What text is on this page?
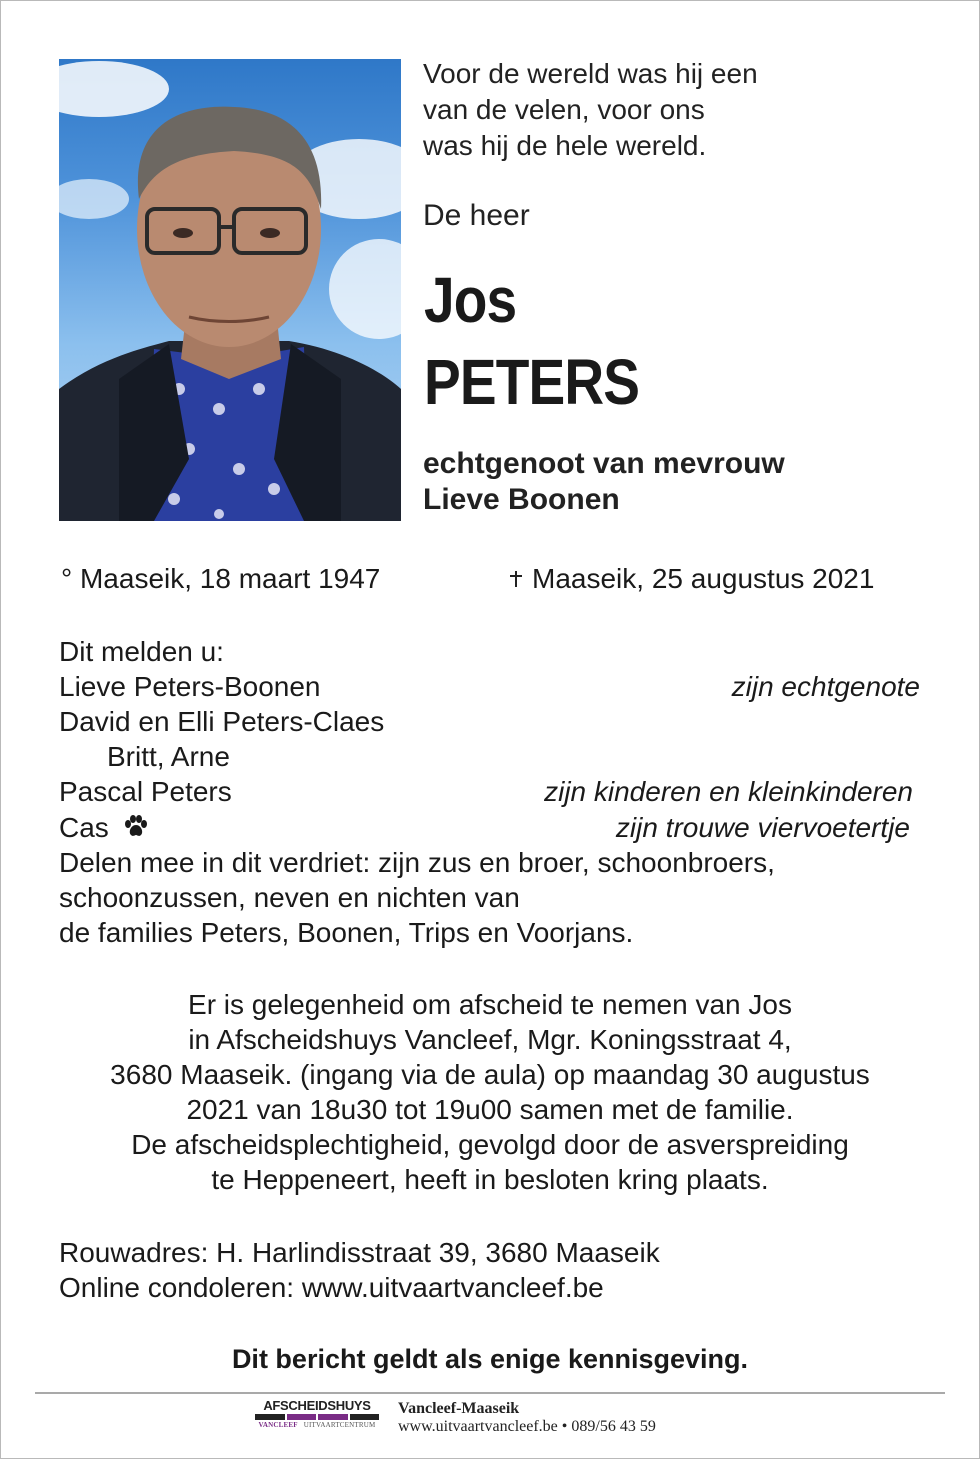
Voor de wereld was hij een
van de velen, voor ons
was hij de hele wereld.
De heer
Jos
PETERS
echtgenoot van mevrouw
Lieve Boonen
° Maaseik, 18 maart 1947	Maaseik, 25 augustus 2021
Dit melden u:
Lieve Peters-Boonen	zijn echtgenote
David en Elli Peters-Claes
Britt, Arne
Pascal Peters	zijn kinderen en kleinkinderen
Cas	zijn trouwe viervoetertje
Delen mee in dit verdriet: zijn zus en broer, schoonbroers,
schoonzussen, neven en nichten van
de families Peters, Boonen, Trips en Voorjans.
Er is gelegenheid om afscheid te nemen van Jos
in Afscheidshuys Vancleef, Mgr. Koningsstraat 4,
3680 Maaseik. (ingang via de aula) op maandag 30 augustus
2021 van 18u30 tot 19u00 samen met de familie.
De afscheidsplechtigheid, gevolgd door de asverspreiding
te Heppeneert, heeft in besloten kring plaats.
Rouwadres: H. Harlindisstraat 39, 3680 Maaseik
Online condoleren: www.uitvaartvancleef.be
Dit bericht geldt als enige kennisgeving.
AFSCHEIDSHUYS
VANCLEEF UITVAARTCENTRUM
Vancleef-Maaseik
www.uitvaartvancleef.be • 089/56 43 59
